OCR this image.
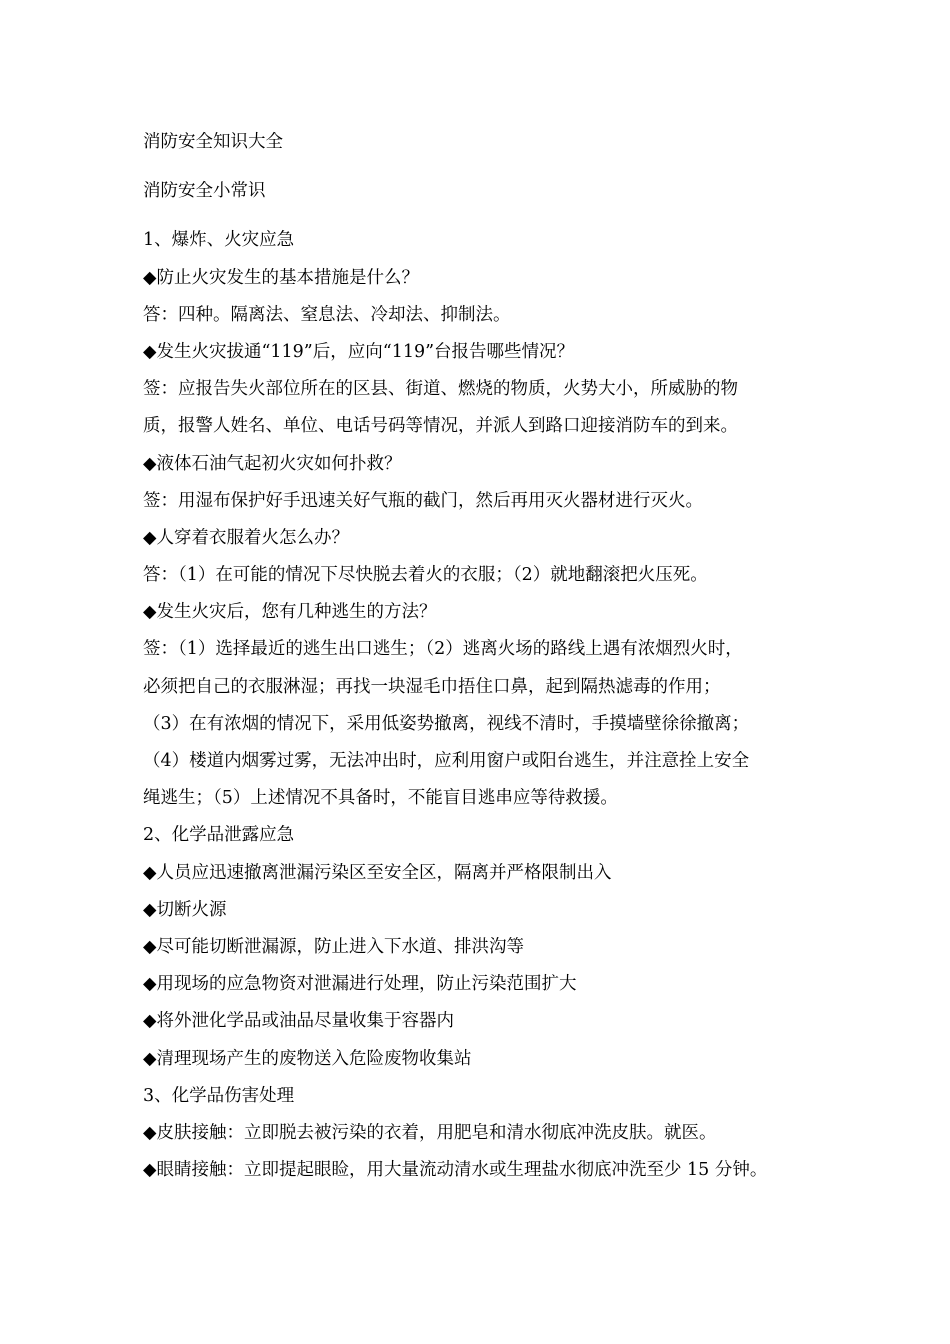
消防安全知识大全
消防安全小常识
1、爆炸、火灾应急
◆防止火灾发生的基本措施是什么？
答：四种。隔离法、窒息法、冷却法、抑制法。
◆发生火灾拔通“119”后，应向“119”台报告哪些情况？
签：应报告失火部位所在的区县、街道、燃烧的物质，火势大小，所威胁的物
质，报警人姓名、单位、电话号码等情况，并派人到路口迎接消防车的到来。
◆液体石油气起初火灾如何扑救？
签：用湿布保护好手迅速关好气瓶的截门，然后再用灭火器材进行灭火。
◆人穿着衣服着火怎么办？
答：（1）在可能的情况下尽快脱去着火的衣服；（2）就地翻滚把火压死。
◆发生火灾后，您有几种逃生的方法？
签：（1）选择最近的逃生出口逃生；（2）逃离火场的路线上遇有浓烟烈火时，
必须把自己的衣服淋湿；再找一块湿毛巾捂住口鼻，起到隔热滤毒的作用；
（3）在有浓烟的情况下，采用低姿势撤离，视线不清时，手摸墙壁徐徐撤离；
（4）楼道内烟雾过雾，无法冲出时，应利用窗户或阳台逃生，并注意拴上安全
绳逃生；（5）上述情况不具备时，不能盲目逃串应等待救援。
2、化学品泄露应急
◆人员应迅速撤离泄漏污染区至安全区，隔离并严格限制出入
◆切断火源
◆尽可能切断泄漏源，防止进入下水道、排洪沟等
◆用现场的应急物资对泄漏进行处理，防止污染范围扩大
◆将外泄化学品或油品尽量收集于容器内
◆清理现场产生的废物送入危险废物收集站
3、化学品伤害处理
◆皮肤接触：立即脱去被污染的衣着，用肥皂和清水彻底冲洗皮肤。就医。
◆眼睛接触：立即提起眼睑，用大量流动清水或生理盐水彻底冲洗至少 15 分钟。
